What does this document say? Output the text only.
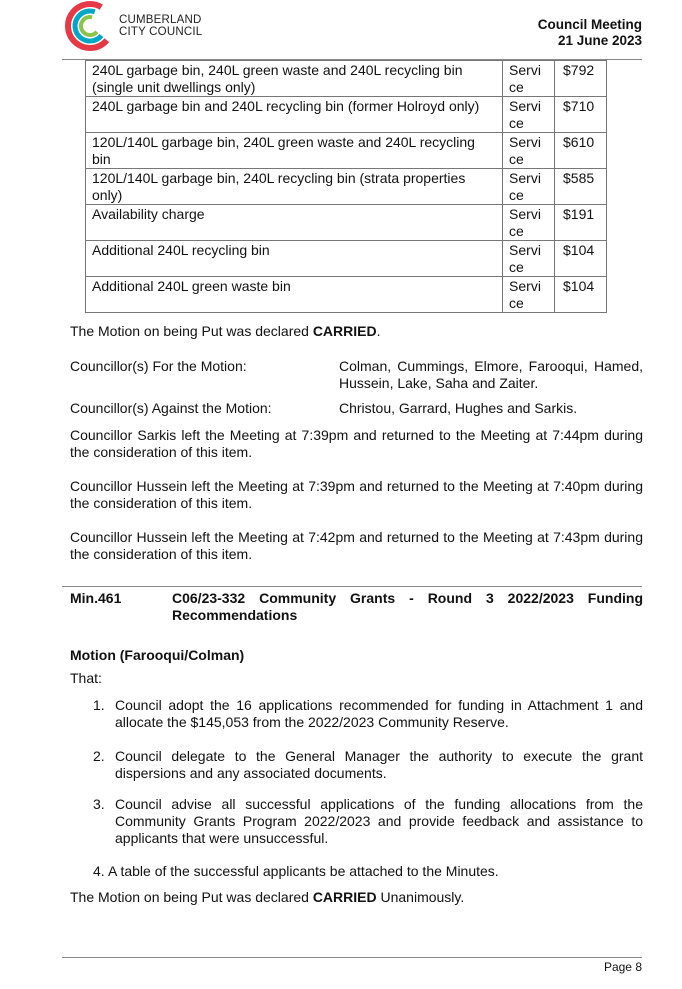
CUMBERLAND
CITY COUNCIL	Council Meeting
21 June 2023
240L garbage bin, 240L green waste and 240L recycling bin (single unit dwellings only)	Servi ce	$792
240L garbage bin and 240L recycling bin (former Holroyd only)	Servi ce	$710
120L/140L garbage bin, 240L green waste and 240L recycling bin	Servi ce	$610
120L/140L garbage bin, 240L recycling bin (strata properties only)	Servi ce	$585
Availability charge	Servi ce	$191
Additional 240L recycling bin	Servi ce	$104
Additional 240L green waste bin	Servi ce	$104
The Motion on being Put was declared CARRIED.
Councillor(s) For the Motion:	Colman, Cummings, Elmore, Farooqui, Hamed, Hussein, Lake, Saha and Zaiter.
Councillor(s) Against the Motion:	Christou, Garrard, Hughes and Sarkis.
Councillor Sarkis left the Meeting at 7:39pm and returned to the Meeting at 7:44pm during the consideration of this item.
Councillor Hussein left the Meeting at 7:39pm and returned to the Meeting at 7:40pm during the consideration of this item.
Councillor Hussein left the Meeting at 7:42pm and returned to the Meeting at 7:43pm during the consideration of this item.
Min.461	C06/23-332 Community Grants - Round 3 2022/2023 Funding Recommendations
Motion (Farooqui/Colman)
That:
1. Council adopt the 16 applications recommended for funding in Attachment 1 and allocate the $145,053 from the 2022/2023 Community Reserve.
2. Council delegate to the General Manager the authority to execute the grant dispersions and any associated documents.
3. Council advise all successful applications of the funding allocations from the Community Grants Program 2022/2023 and provide feedback and assistance to applicants that were unsuccessful.
4. A table of the successful applicants be attached to the Minutes.
The Motion on being Put was declared CARRIED Unanimously.
Page 8
